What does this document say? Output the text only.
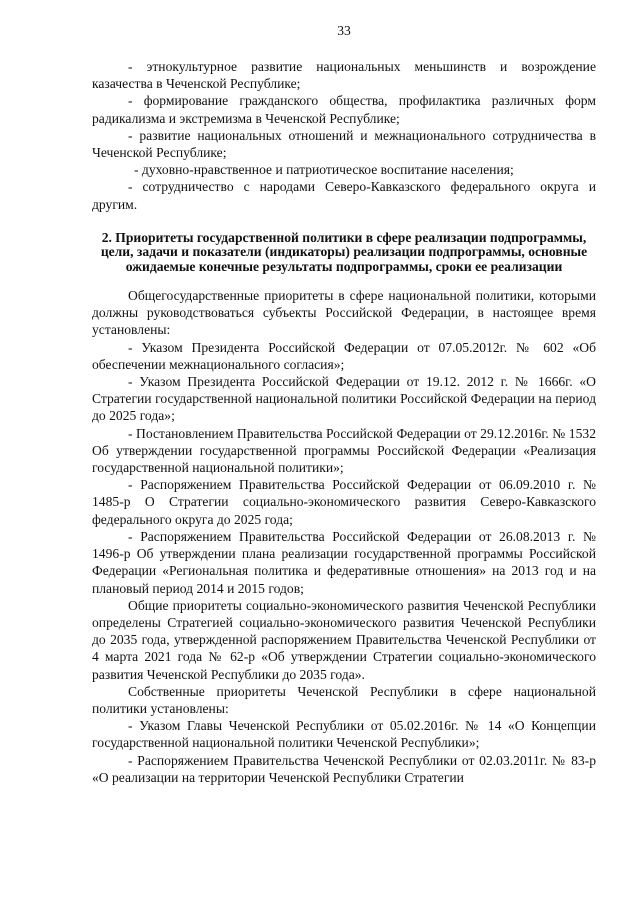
33

- этнокультурное развитие национальных меньшинств и возрождение казачества в Чеченской Республике;

- формирование гражданского общества, профилактика различных форм радикализма и экстремизма в Чеченской Республике;

- развитие национальных отношений и межнационального сотрудничества в Чеченской Республике;

- духовно-нравственное и патриотическое воспитание населения;

- сотрудничество с народами Северо-Кавказского федерального округа и другим.

2. Приоритеты государственной политики в сфере реализации подпрограммы, цели, задачи и показатели (индикаторы) реализации подпрограммы, основные ожидаемые конечные результаты подпрограммы, сроки ее реализации

Общегосударственные приоритеты в сфере национальной политики, которыми должны руководствоваться субъекты Российской Федерации, в настоящее время установлены:

- Указом Президента Российской Федерации от 07.05.2012г. № 602 «Об обеспечении межнационального согласия»;

- Указом Президента Российской Федерации от 19.12. 2012 г. № 1666г. «О Стратегии государственной национальной политики Российской Федерации на период до 2025 года»;

- Постановлением Правительства Российской Федерации от 29.12.2016г. № 1532 Об утверждении государственной программы Российской Федерации «Реализация государственной национальной политики»;

- Распоряжением Правительства Российской Федерации от 06.09.2010 г. № 1485-р О Стратегии социально-экономического развития Северо-Кавказского федерального округа до 2025 года;

- Распоряжением Правительства Российской Федерации от 26.08.2013 г. № 1496-р Об утверждении плана реализации государственной программы Российской Федерации «Региональная политика и федеративные отношения» на 2013 год и на плановый период 2014 и 2015 годов;

Общие приоритеты социально-экономического развития Чеченской Республики определены Стратегией социально-экономического развития Чеченской Республики до 2035 года, утвержденной распоряжением Правительства Чеченской Республики от 4 марта 2021 года № 62-р «Об утверждении Стратегии социально-экономического развития Чеченской Республики до 2035 года».

Собственные приоритеты Чеченской Республики в сфере национальной политики установлены:

- Указом Главы Чеченской Республики от 05.02.2016г. № 14 «О Концепции государственной национальной политики Чеченской Республики»;

- Распоряжением Правительства Чеченской Республики от 02.03.2011г. № 83-р «О реализации на территории Чеченской Республики Стратегии
